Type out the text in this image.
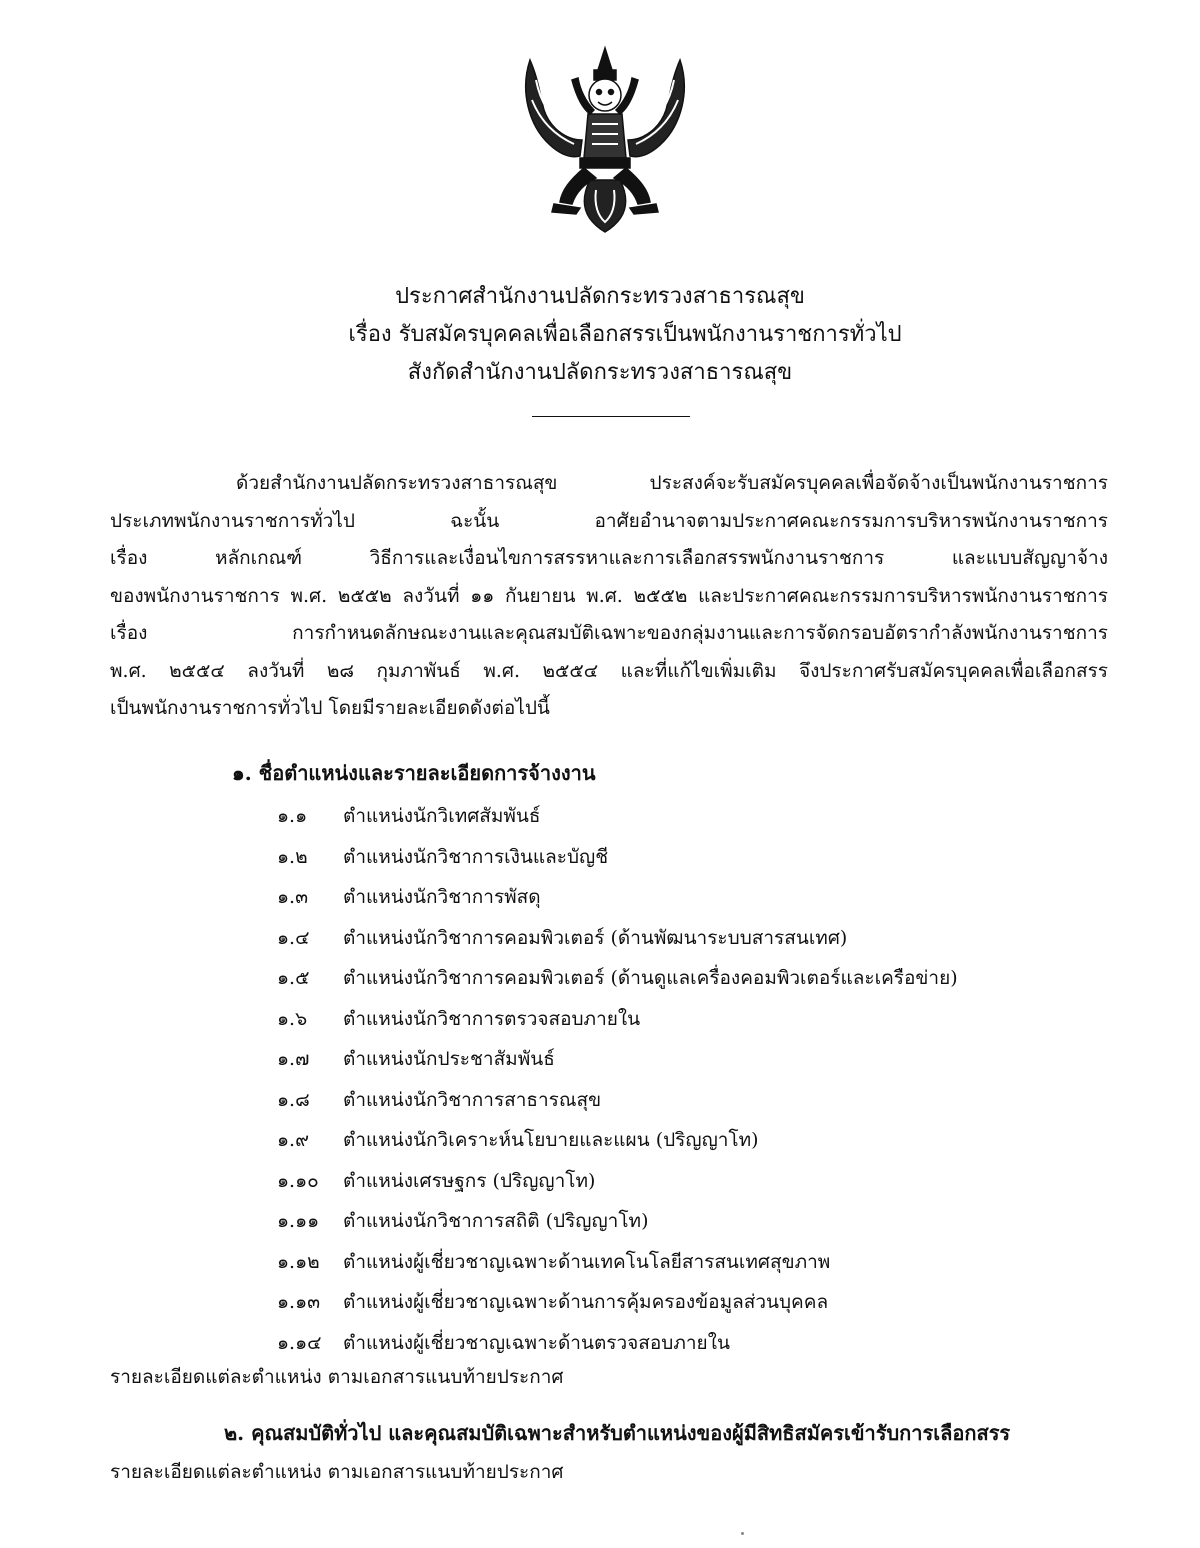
ประกาศสำนักงานปลัดกระทรวงสาธารณสุข
เรื่อง รับสมัครบุคคลเพื่อเลือกสรรเป็นพนักงานราชการทั่วไป
สังกัดสำนักงานปลัดกระทรวงสาธารณสุข
ด้วยสำนักงานปลัดกระทรวงสาธารณสุข ประสงค์จะรับสมัครบุคคลเพื่อจัดจ้างเป็นพนักงานราชการ
ประเภทพนักงานราชการทั่วไป ฉะนั้น อาศัยอำนาจตามประกาศคณะกรรมการบริหารพนักงานราชการ
เรื่อง หลักเกณฑ์ วิธีการและเงื่อนไขการสรรหาและการเลือกสรรพนักงานราชการ และแบบสัญญาจ้าง
ของพนักงานราชการ พ.ศ. ๒๕๕๒ ลงวันที่ ๑๑ กันยายน พ.ศ. ๒๕๕๒ และประกาศคณะกรรมการบริหารพนักงานราชการ
เรื่อง การกำหนดลักษณะงานและคุณสมบัติเฉพาะของกลุ่มงานและการจัดกรอบอัตรากำลังพนักงานราชการ
พ.ศ. ๒๕๕๔ ลงวันที่ ๒๘ กุมภาพันธ์ พ.ศ. ๒๕๕๔ และที่แก้ไขเพิ่มเติม จึงประกาศรับสมัครบุคคลเพื่อเลือกสรร
เป็นพนักงานราชการทั่วไป โดยมีรายละเอียดดังต่อไปนี้
๑. ชื่อตำแหน่งและรายละเอียดการจ้างงาน
๑.๑ ตำแหน่งนักวิเทศสัมพันธ์
๑.๒ ตำแหน่งนักวิชาการเงินและบัญชี
๑.๓ ตำแหน่งนักวิชาการพัสดุ
๑.๔ ตำแหน่งนักวิชาการคอมพิวเตอร์ (ด้านพัฒนาระบบสารสนเทศ)
๑.๕ ตำแหน่งนักวิชาการคอมพิวเตอร์ (ด้านดูแลเครื่องคอมพิวเตอร์และเครือข่าย)
๑.๖ ตำแหน่งนักวิชาการตรวจสอบภายใน
๑.๗ ตำแหน่งนักประชาสัมพันธ์
๑.๘ ตำแหน่งนักวิชาการสาธารณสุข
๑.๙ ตำแหน่งนักวิเคราะห์นโยบายและแผน (ปริญญาโท)
๑.๑๐ ตำแหน่งเศรษฐกร (ปริญญาโท)
๑.๑๑ ตำแหน่งนักวิชาการสถิติ (ปริญญาโท)
๑.๑๒ ตำแหน่งผู้เชี่ยวชาญเฉพาะด้านเทคโนโลยีสารสนเทศสุขภาพ
๑.๑๓ ตำแหน่งผู้เชี่ยวชาญเฉพาะด้านการคุ้มครองข้อมูลส่วนบุคคล
๑.๑๔ ตำแหน่งผู้เชี่ยวชาญเฉพาะด้านตรวจสอบภายใน
รายละเอียดแต่ละตำแหน่ง ตามเอกสารแนบท้ายประกาศ
๒. คุณสมบัติทั่วไป และคุณสมบัติเฉพาะสำหรับตำแหน่งของผู้มีสิทธิสมัครเข้ารับการเลือกสรร
รายละเอียดแต่ละตำแหน่ง ตามเอกสารแนบท้ายประกาศ
